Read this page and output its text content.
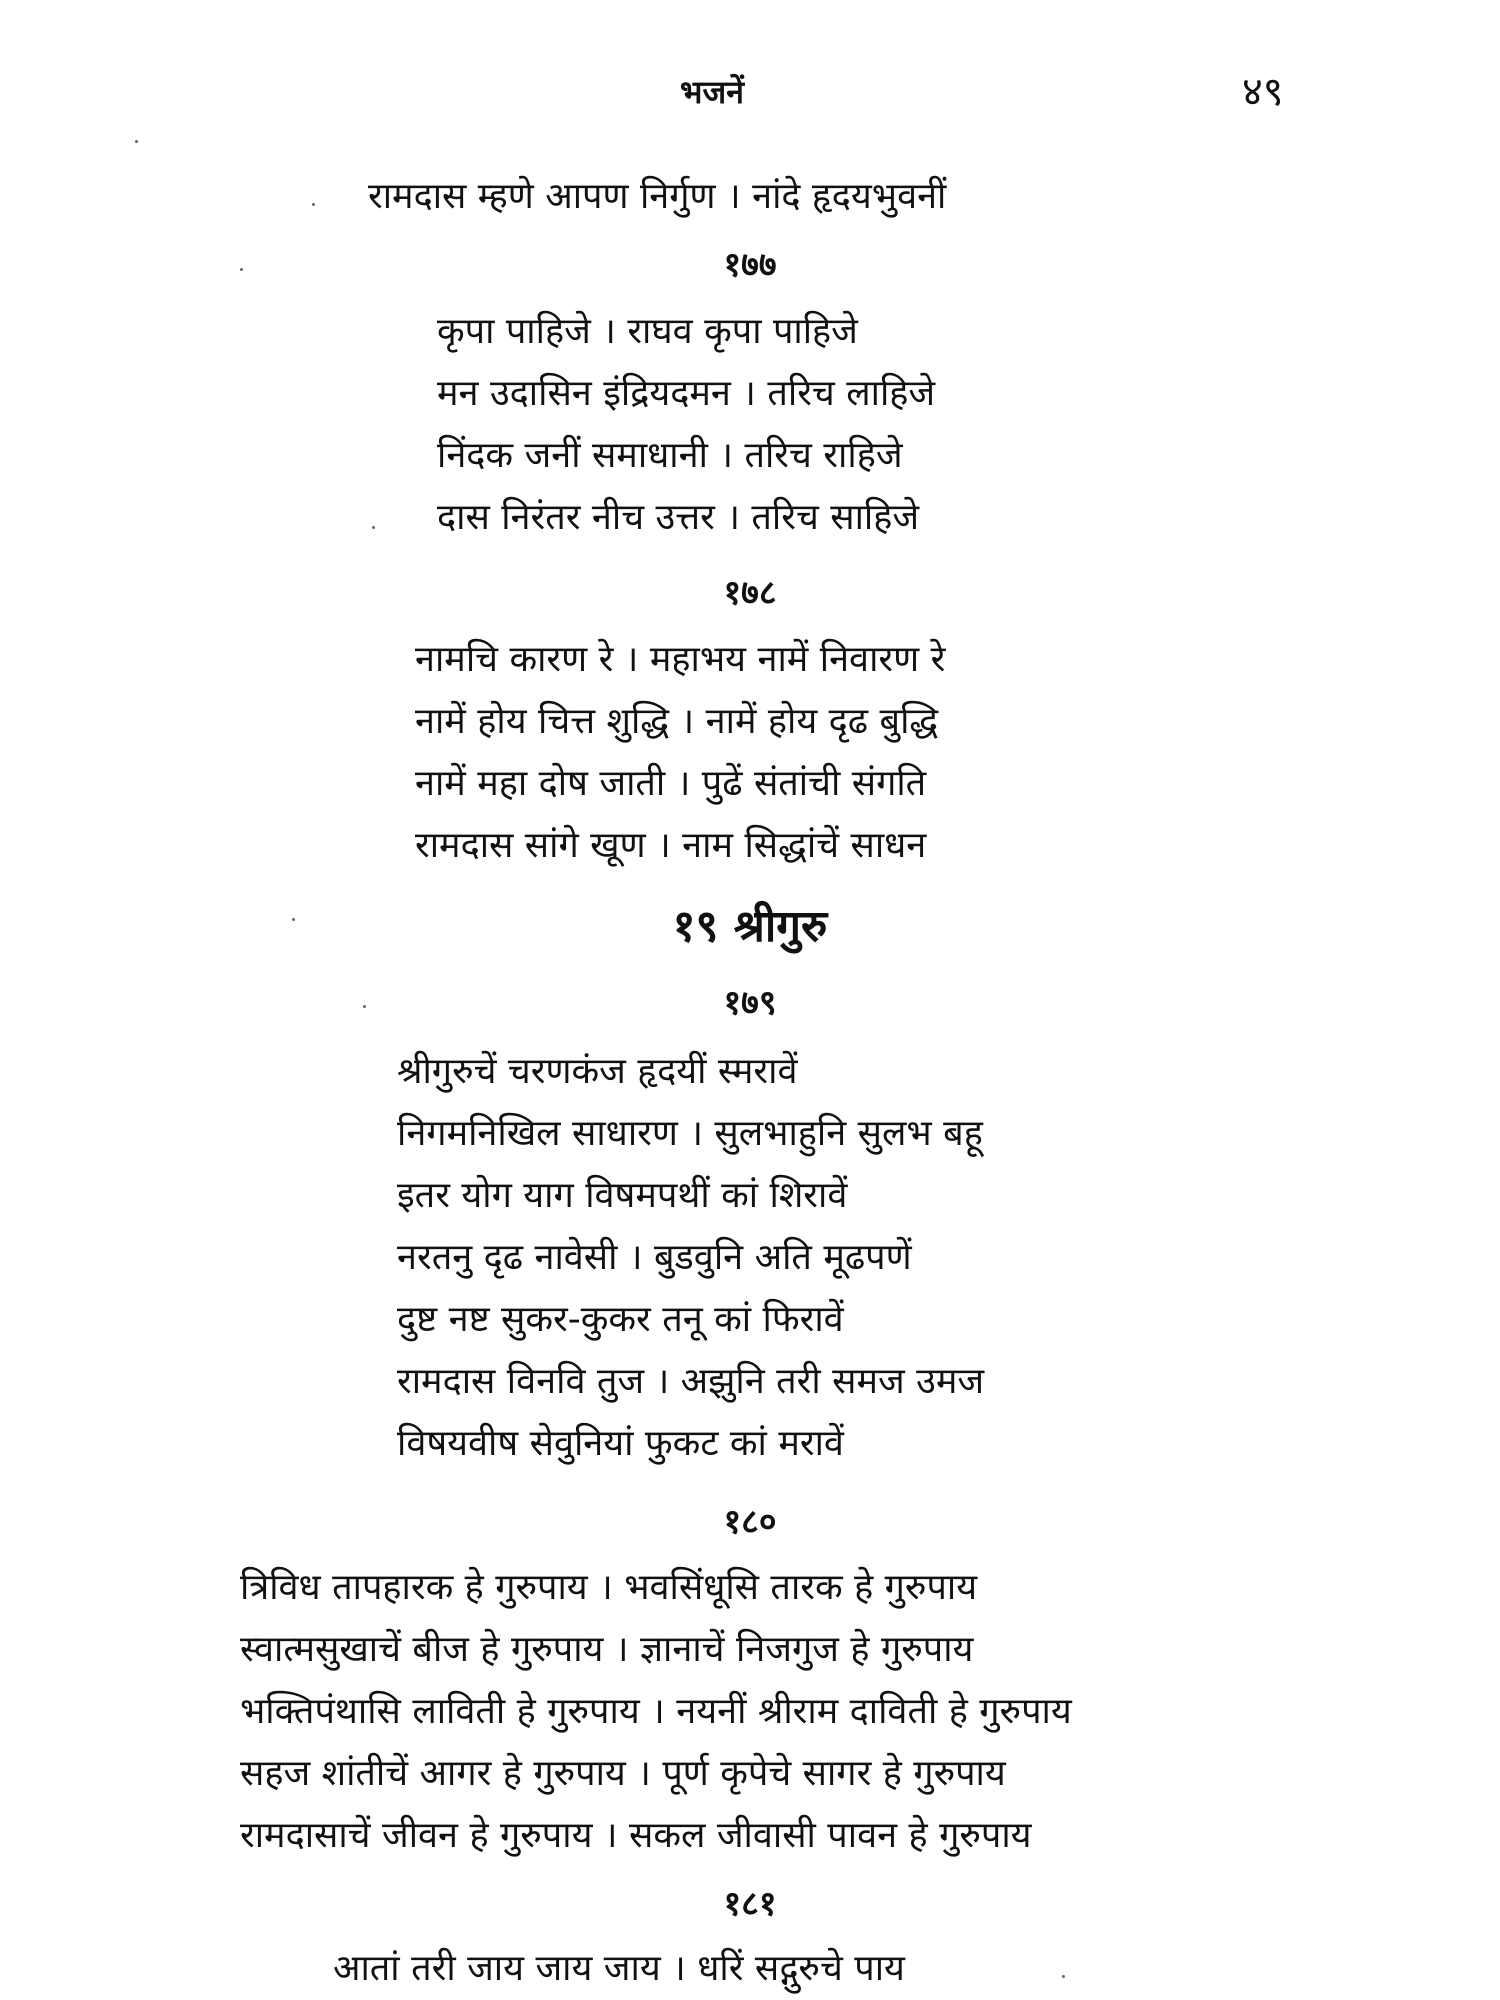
भजनें	४९
रामदास म्हणे आपण निर्गुण । नांदे हृदयभुवनीं
१७७
कृपा पाहिजे । राघव कृपा पाहिजे
मन उदासिन इंद्रियदमन । तरिच लाहिजे
निंदक जनीं समाधानी । तरिच राहिजे
दास निरंतर नीच उत्तर । तरिच साहिजे
१७८
नामचि कारण रे । महाभय नामें निवारण रे
नामें होय चित्त शुद्धि । नामें होय दृढ बुद्धि
नामें महा दोष जाती । पुढें संतांची संगति
रामदास सांगे खूण । नाम सिद्धांचें साधन
१९ श्रीगुरु
१७९
श्रीगुरुचें चरणकंज हृदयीं स्मरावें
निगमनिखिल साधारण । सुलभाहुनि सुलभ बहू
इतर योग याग विषमपथीं कां शिरावें
नरतनु दृढ नावेसी । बुडवुनि अति मूढपणें
दुष्ट नष्ट सुकर-कुकर तनू कां फिरावें
रामदास विनवि तुज । अझुनि तरी समज उमज
विषयवीष सेवुनियां फुकट कां मरावें
१८०
त्रिविध तापहारक हे गुरुपाय । भवसिंधूसि तारक हे गुरुपाय
स्वात्मसुखाचें बीज हे गुरुपाय । ज्ञानाचें निजगुज हे गुरुपाय
भक्तिपंथासि लाविती हे गुरुपाय । नयनीं श्रीराम दाविती हे गुरुपाय
सहज शांतीचें आगर हे गुरुपाय । पूर्ण कृपेचे सागर हे गुरुपाय
रामदासाचें जीवन हे गुरुपाय । सकल जीवासी पावन हे गुरुपाय
१८१
आतां तरी जाय जाय जाय । धरिं सद्गुरुचे पाय
